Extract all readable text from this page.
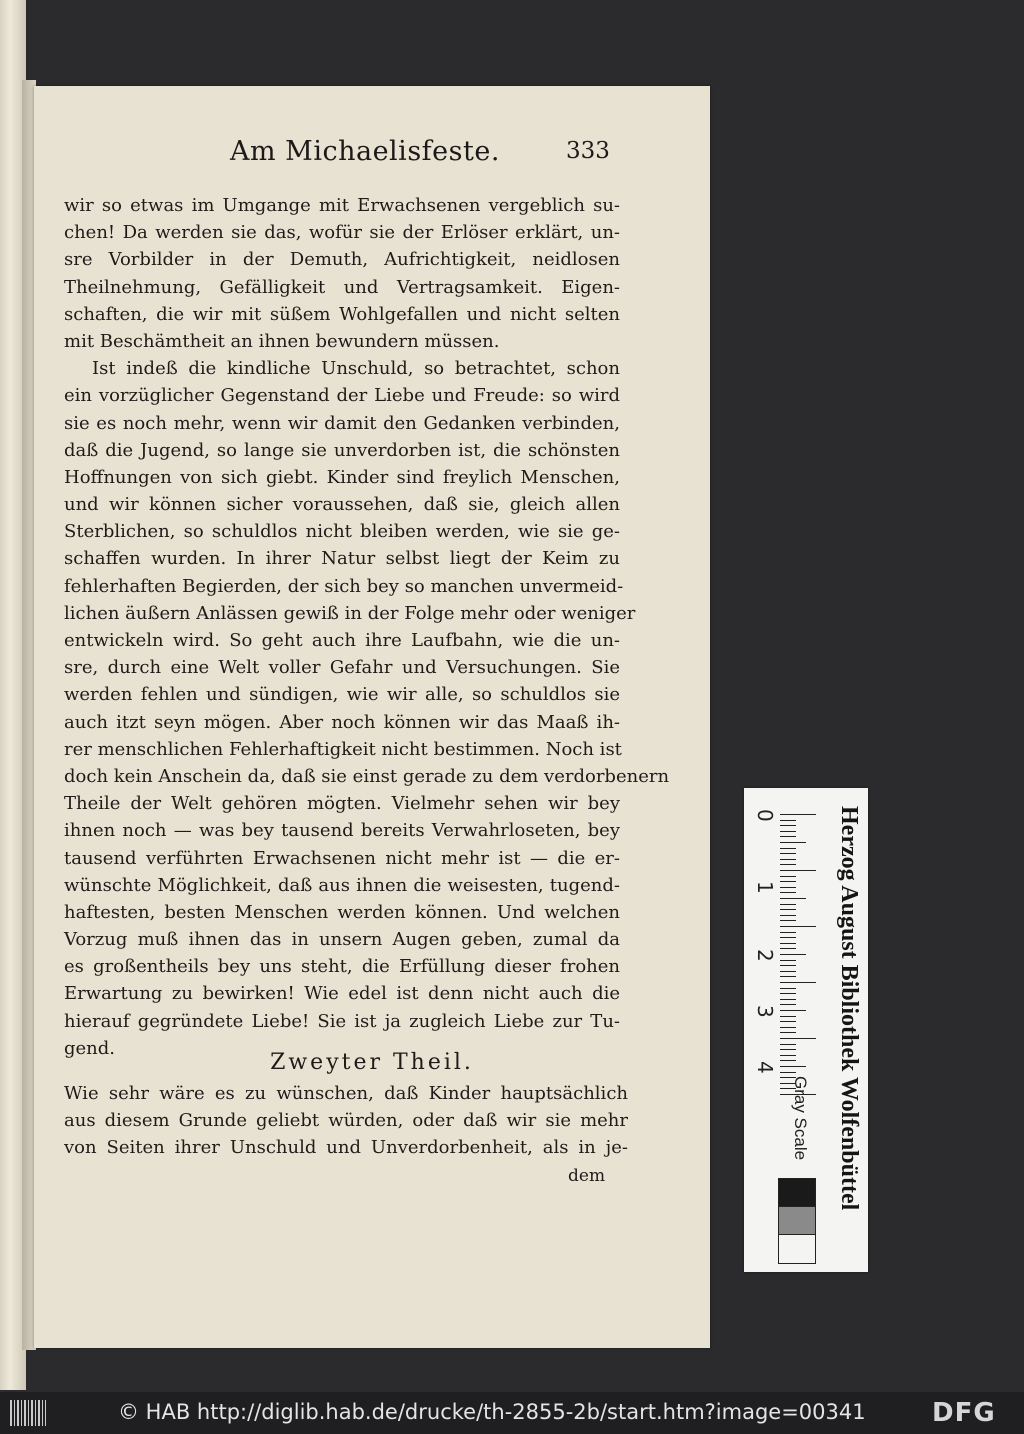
Am Michaelisfeste.	333
wir so etwas im Umgange mit Erwachsenen vergeblich su-
chen! Da werden sie das, wofür sie der Erlöser erklärt, un-
sre Vorbilder in der Demuth, Aufrichtigkeit, neidlosen
Theilnehmung, Gefälligkeit und Vertragsamkeit. Eigen-
schaften, die wir mit süßem Wohlgefallen und nicht selten
mit Beschämtheit an ihnen bewundern müssen.
Ist indeß die kindliche Unschuld, so betrachtet, schon
ein vorzüglicher Gegenstand der Liebe und Freude: so wird
sie es noch mehr, wenn wir damit den Gedanken verbinden,
daß die Jugend, so lange sie unverdorben ist, die schönsten
Hoffnungen von sich giebt. Kinder sind freylich Menschen,
und wir können sicher voraussehen, daß sie, gleich allen
Sterblichen, so schuldlos nicht bleiben werden, wie sie ge-
schaffen wurden. In ihrer Natur selbst liegt der Keim zu
fehlerhaften Begierden, der sich bey so manchen unvermeid-
lichen äußern Anlässen gewiß in der Folge mehr oder weniger
entwickeln wird. So geht auch ihre Laufbahn, wie die un-
sre, durch eine Welt voller Gefahr und Versuchungen. Sie
werden fehlen und sündigen, wie wir alle, so schuldlos sie
auch itzt seyn mögen. Aber noch können wir das Maaß ih-
rer menschlichen Fehlerhaftigkeit nicht bestimmen. Noch ist
doch kein Anschein da, daß sie einst gerade zu dem verdorbenern
Theile der Welt gehören mögten. Vielmehr sehen wir bey
ihnen noch — was bey tausend bereits Verwahrloseten, bey
tausend verführten Erwachsenen nicht mehr ist — die er-
wünschte Möglichkeit, daß aus ihnen die weisesten, tugend-
haftesten, besten Menschen werden können. Und welchen
Vorzug muß ihnen das in unsern Augen geben, zumal da
es großentheils bey uns steht, die Erfüllung dieser frohen
Erwartung zu bewirken! Wie edel ist denn nicht auch die
hierauf gegründete Liebe! Sie ist ja zugleich Liebe zur Tu-
gend.
Zweyter Theil.
Wie sehr wäre es zu wünschen, daß Kinder hauptsächlich
aus diesem Grunde geliebt würden, oder daß wir sie mehr
von Seiten ihrer Unschuld und Unverdorbenheit, als in je-
dem
0
1
2
3
4
Gray Scale	Herzog August Bibliothek Wolfenbüttel
© HAB http://diglib.hab.de/drucke/th-2855-2b/start.htm?image=00341	DFG
